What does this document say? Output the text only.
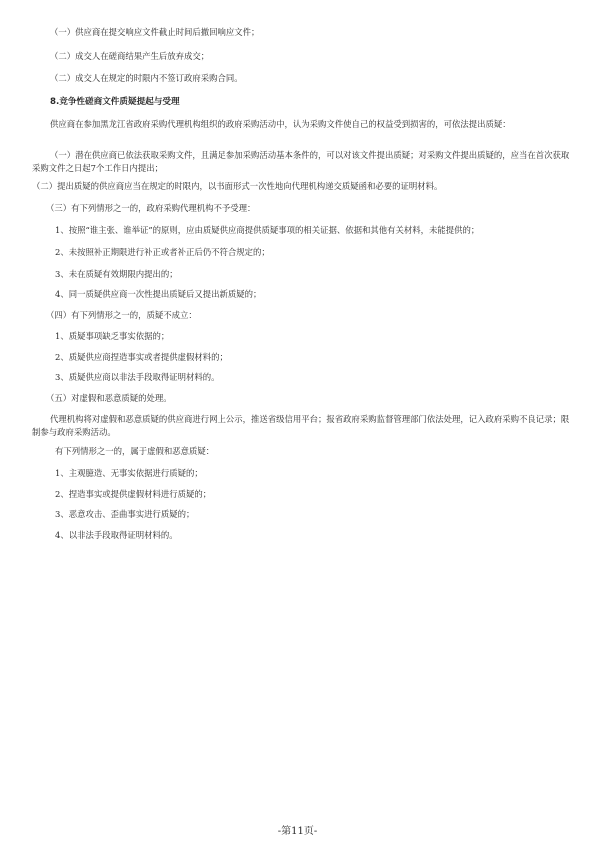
（一）供应商在提交响应文件截止时间后撤回响应文件；
（二）成交人在磋商结果产生后放弃成交；
（二）成交人在规定的时限内不签订政府采购合同。
8.竞争性磋商文件质疑提起与受理
供应商在参加黑龙江省政府采购代理机构组织的政府采购活动中，认为采购文件使自己的权益受到损害的，可依法提出质疑：
（一）潜在供应商已依法获取采购文件，且满足参加采购活动基本条件的，可以对该文件提出质疑；对采购文件提出质疑的，应当在首次获取采购文件之日起7个工作日内提出；
（二）提出质疑的供应商应当在规定的时限内，以书面形式一次性地向代理机构递交质疑函和必要的证明材料。
（三）有下列情形之一的，政府采购代理机构不予受理：
1、按照“谁主张、谁举证”的原则，应由质疑供应商提供质疑事项的相关证据、依据和其他有关材料，未能提供的；
2、未按照补正期限进行补正或者补正后仍不符合规定的；
3、未在质疑有效期限内提出的；
4、同一质疑供应商一次性提出质疑后又提出新质疑的；
（四）有下列情形之一的，质疑不成立：
1、质疑事项缺乏事实依据的；
2、质疑供应商捏造事实或者提供虚假材料的；
3、质疑供应商以非法手段取得证明材料的。
（五）对虚假和恶意质疑的处理。
代理机构将对虚假和恶意质疑的供应商进行网上公示，推送省级信用平台；报省政府采购监督管理部门依法处理，记入政府采购不良记录；限制参与政府采购活动。
有下列情形之一的，属于虚假和恶意质疑：
1、主观臆造、无事实依据进行质疑的；
2、捏造事实或提供虚假材料进行质疑的；
3、恶意攻击、歪曲事实进行质疑的；
4、以非法手段取得证明材料的。
-第11页-
